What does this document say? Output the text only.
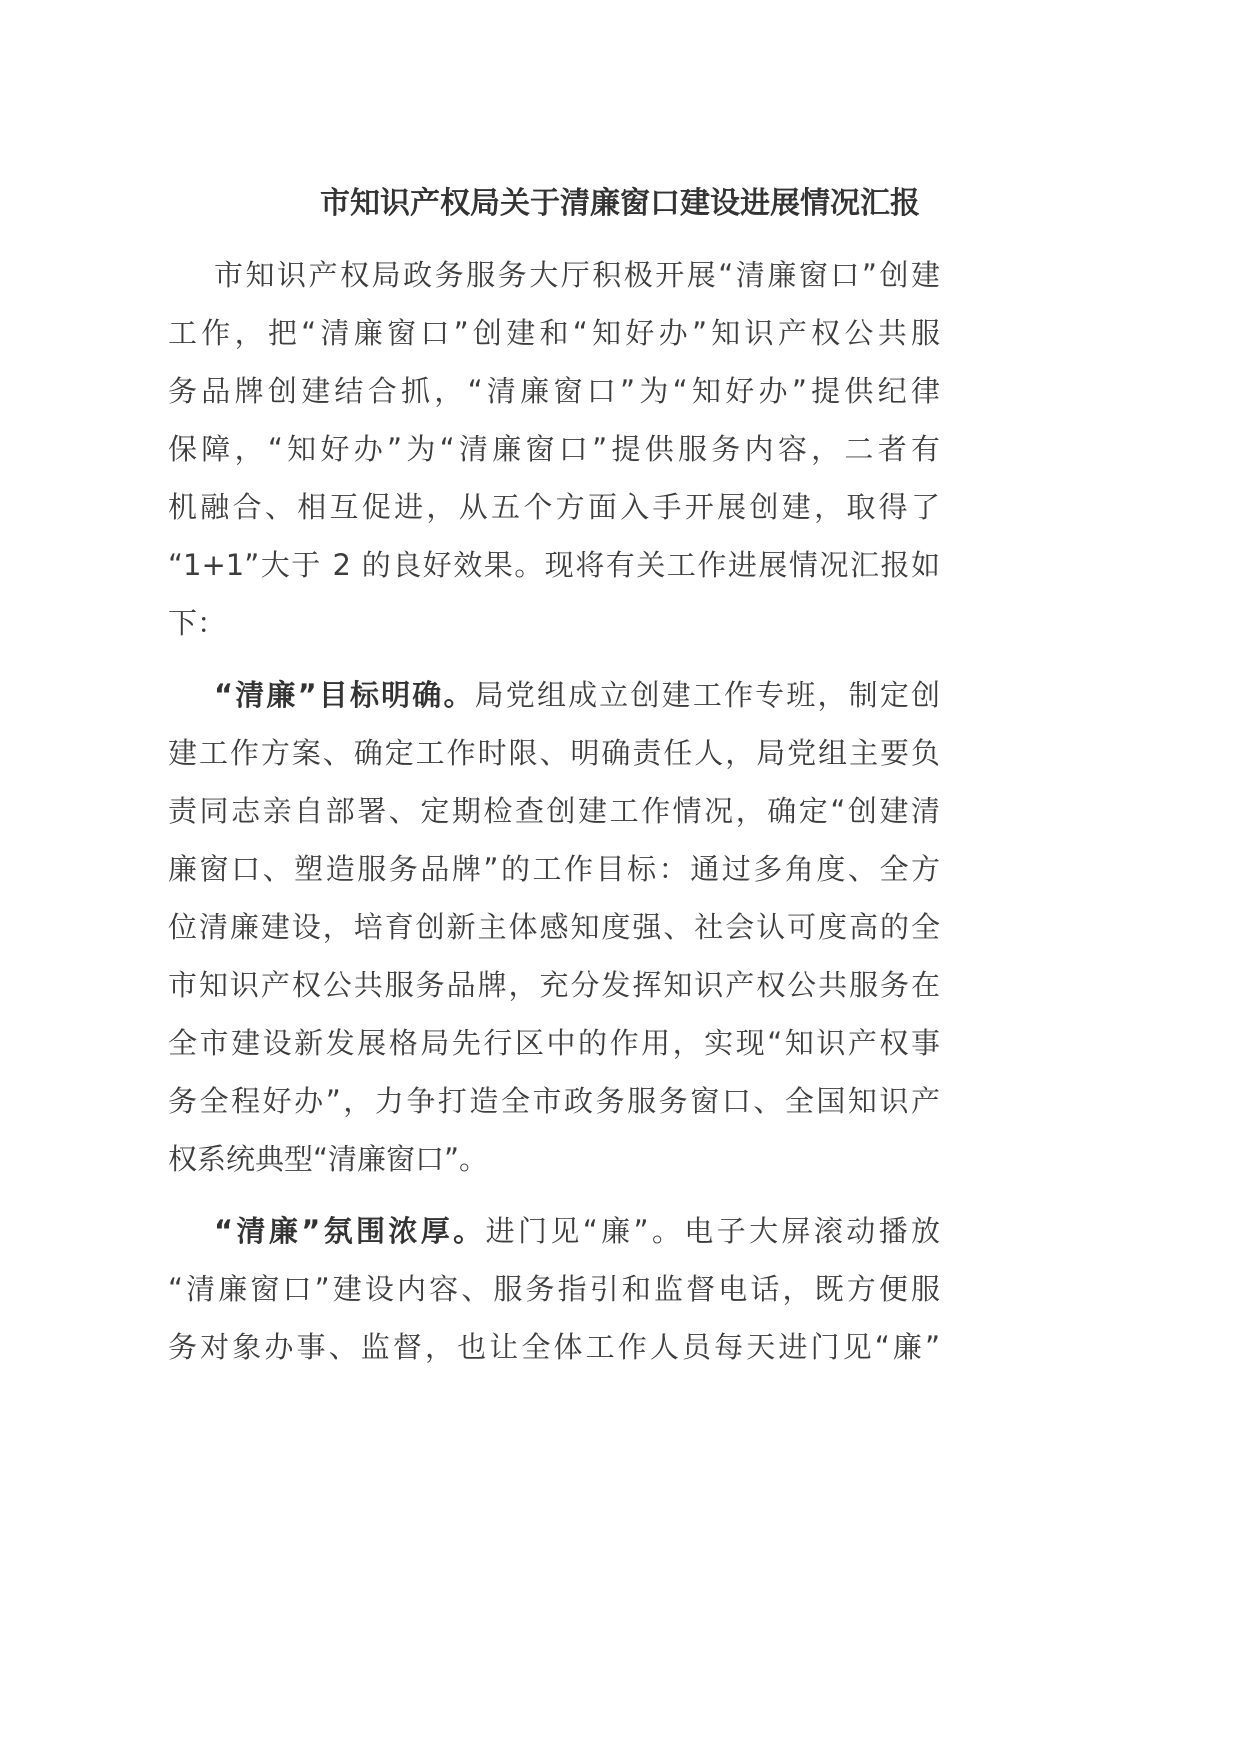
市知识产权局关于清廉窗口建设进展情况汇报
市知识产权局政务服务大厅积极开展“清廉窗口”创建
工作，把“清廉窗口”创建和“知好办”知识产权公共服
务品牌创建结合抓，“清廉窗口”为“知好办”提供纪律
保障，“知好办”为“清廉窗口”提供服务内容，二者有
机融合、相互促进，从五个方面入手开展创建，取得了
“1+1”大于 2 的良好效果。现将有关工作进展情况汇报如
下：
“清廉”目标明确。局党组成立创建工作专班，制定创
建工作方案、确定工作时限、明确责任人，局党组主要负
责同志亲自部署、定期检查创建工作情况，确定“创建清
廉窗口、塑造服务品牌”的工作目标：通过多角度、全方
位清廉建设，培育创新主体感知度强、社会认可度高的全
市知识产权公共服务品牌，充分发挥知识产权公共服务在
全市建设新发展格局先行区中的作用，实现“知识产权事
务全程好办”，力争打造全市政务服务窗口、全国知识产
权系统典型“清廉窗口”。
“清廉”氛围浓厚。进门见“廉”。电子大屏滚动播放
“清廉窗口”建设内容、服务指引和监督电话，既方便服
务对象办事、监督，也让全体工作人员每天进门见“廉”
